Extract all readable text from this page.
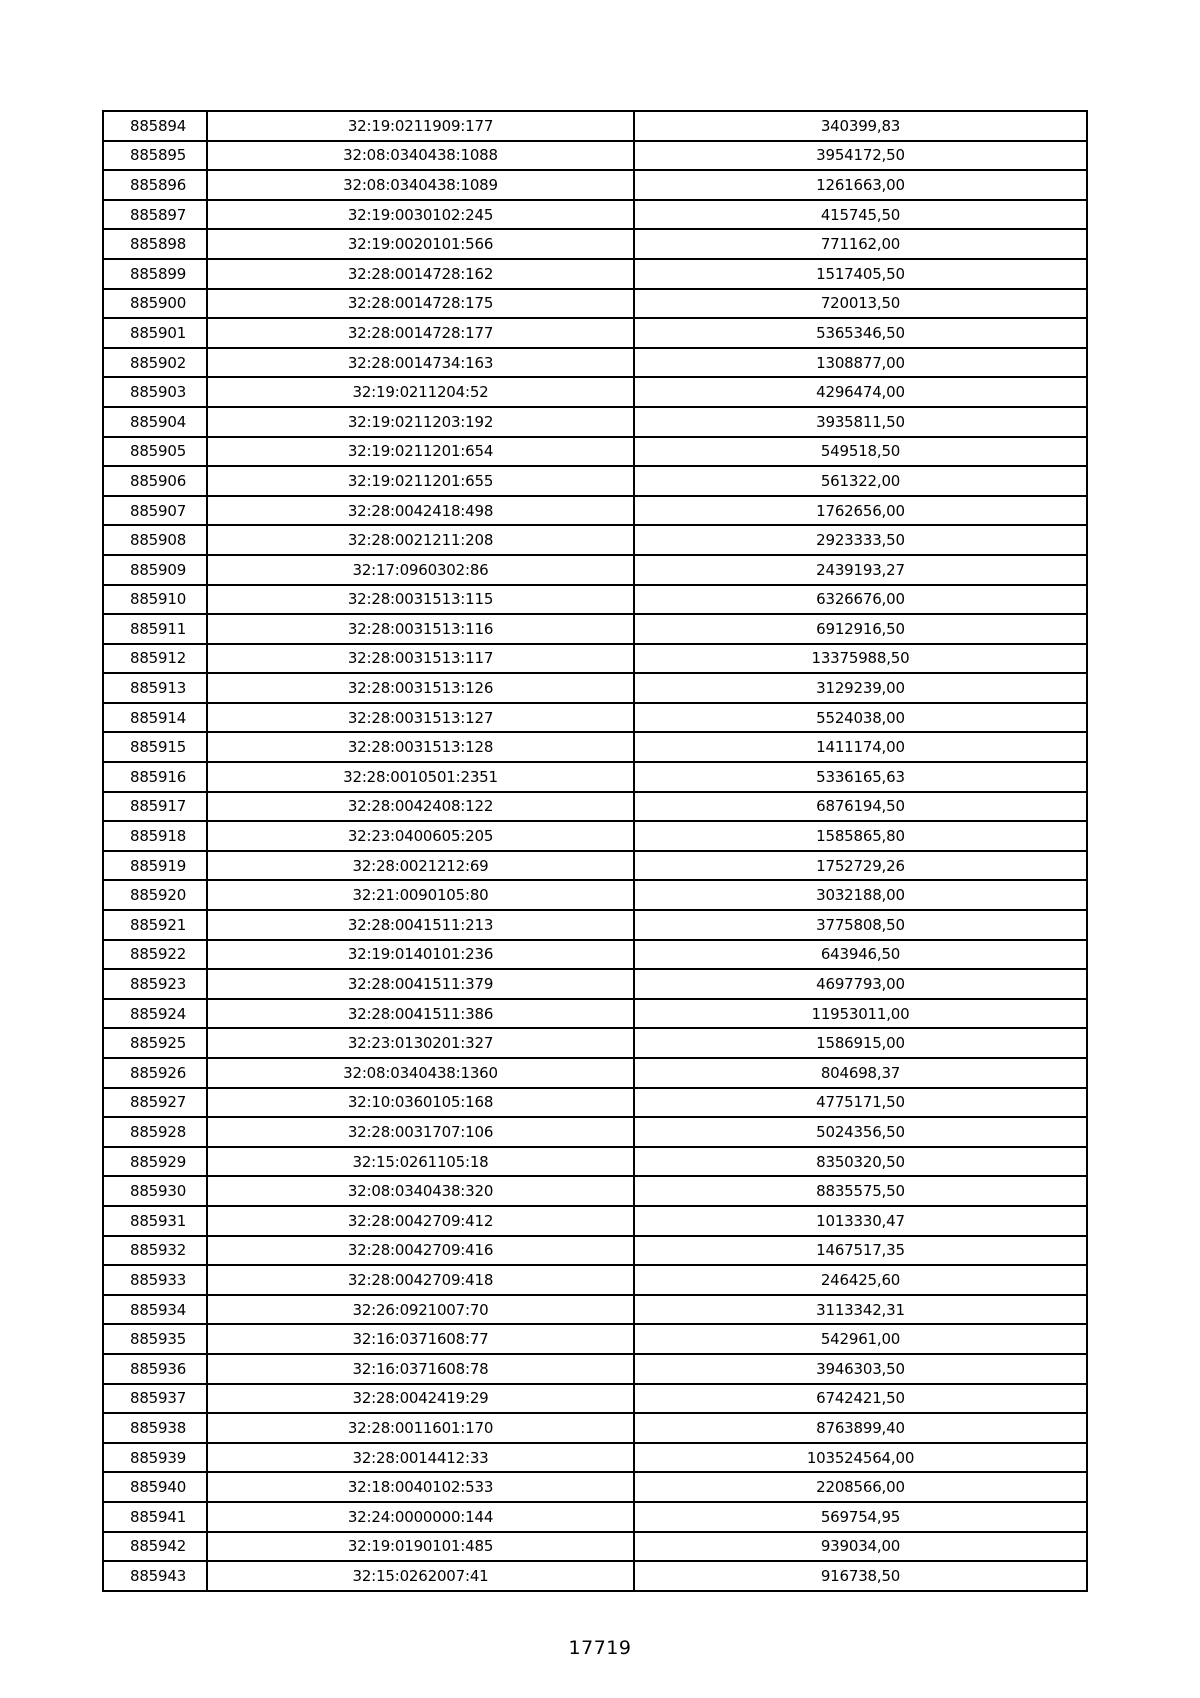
885894	32:19:0211909:177	340399,83
885895	32:08:0340438:1088	3954172,50
885896	32:08:0340438:1089	1261663,00
885897	32:19:0030102:245	415745,50
885898	32:19:0020101:566	771162,00
885899	32:28:0014728:162	1517405,50
885900	32:28:0014728:175	720013,50
885901	32:28:0014728:177	5365346,50
885902	32:28:0014734:163	1308877,00
885903	32:19:0211204:52	4296474,00
885904	32:19:0211203:192	3935811,50
885905	32:19:0211201:654	549518,50
885906	32:19:0211201:655	561322,00
885907	32:28:0042418:498	1762656,00
885908	32:28:0021211:208	2923333,50
885909	32:17:0960302:86	2439193,27
885910	32:28:0031513:115	6326676,00
885911	32:28:0031513:116	6912916,50
885912	32:28:0031513:117	13375988,50
885913	32:28:0031513:126	3129239,00
885914	32:28:0031513:127	5524038,00
885915	32:28:0031513:128	1411174,00
885916	32:28:0010501:2351	5336165,63
885917	32:28:0042408:122	6876194,50
885918	32:23:0400605:205	1585865,80
885919	32:28:0021212:69	1752729,26
885920	32:21:0090105:80	3032188,00
885921	32:28:0041511:213	3775808,50
885922	32:19:0140101:236	643946,50
885923	32:28:0041511:379	4697793,00
885924	32:28:0041511:386	11953011,00
885925	32:23:0130201:327	1586915,00
885926	32:08:0340438:1360	804698,37
885927	32:10:0360105:168	4775171,50
885928	32:28:0031707:106	5024356,50
885929	32:15:0261105:18	8350320,50
885930	32:08:0340438:320	8835575,50
885931	32:28:0042709:412	1013330,47
885932	32:28:0042709:416	1467517,35
885933	32:28:0042709:418	246425,60
885934	32:26:0921007:70	3113342,31
885935	32:16:0371608:77	542961,00
885936	32:16:0371608:78	3946303,50
885937	32:28:0042419:29	6742421,50
885938	32:28:0011601:170	8763899,40
885939	32:28:0014412:33	103524564,00
885940	32:18:0040102:533	2208566,00
885941	32:24:0000000:144	569754,95
885942	32:19:0190101:485	939034,00
885943	32:15:0262007:41	916738,50
17719
